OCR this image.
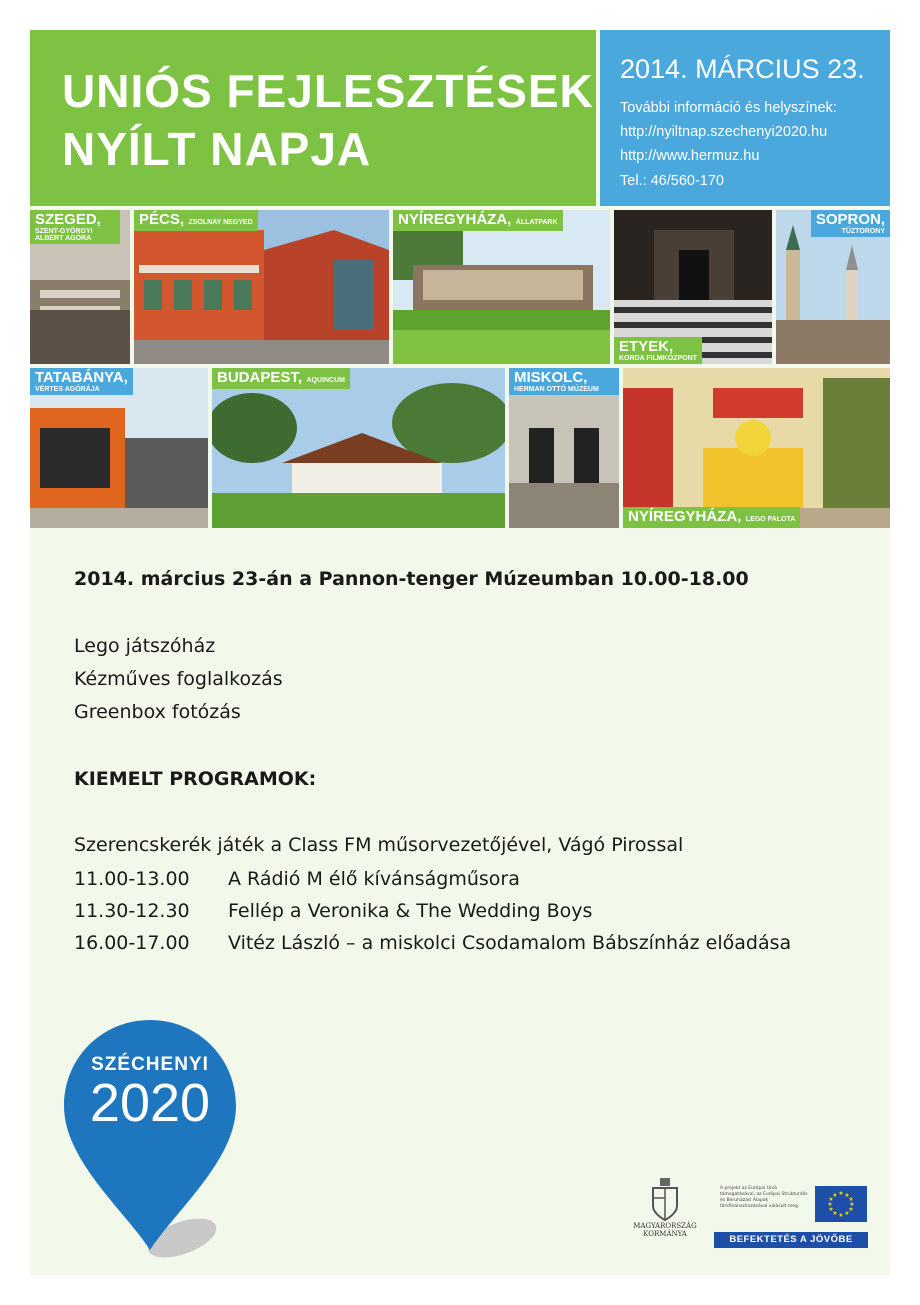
UNIÓS FEJLESZTÉSEK
NYÍLT NAPJA
2014. MÁRCIUS 23.
További információ és helyszínek:
http://nyiltnap.szechenyi2020.hu
http://www.hermuz.hu
Tel.: 46/560-170
SZEGED,
SZENT-GYÖRGYI ALBERT AGÓRA
PÉCS, ZSOLNAY NEGYED	NYÍREGYHÁZA, ÁLLATPARK
ETYEK,
KORDA FILMKÖZPONT
SOPRON,
TŰZTORONY
TATABÁNYA,
VÉRTES AGÓRÁJA
BUDAPEST, AQUINCUM	MISKOLC,
HERMAN OTTÓ MÚZEUM
NYÍREGYHÁZA, LEGO PALOTA
2014. március 23-án a Pannon-tenger Múzeumban 10.00-18.00
Lego játszóház
Kézműves foglalkozás
Greenbox fotózás
KIEMELT PROGRAMOK:
Szerencskerék játék a Class FM műsorvezetőjével, Vágó Pirossal
11.00-13.00 A Rádió M élő kívánságműsora
11.30-12.30 Fellép a Veronika & The Wedding Boys
16.00-17.00 Vitéz László – a miskolci Csodamalom Bábszínház előadása
SZÉCHENYI
2020
MAGYARORSZÁG
KORMÁNYA
A projekt az Európai Unió támogatásával, az Európai Strukturális és Beruházási Alapok társfinanszírozásával valósult meg.
★ ★
★
★
★
★
★
★
★
★
★
★
BEFEKTETÉS A JÖVŐBE
